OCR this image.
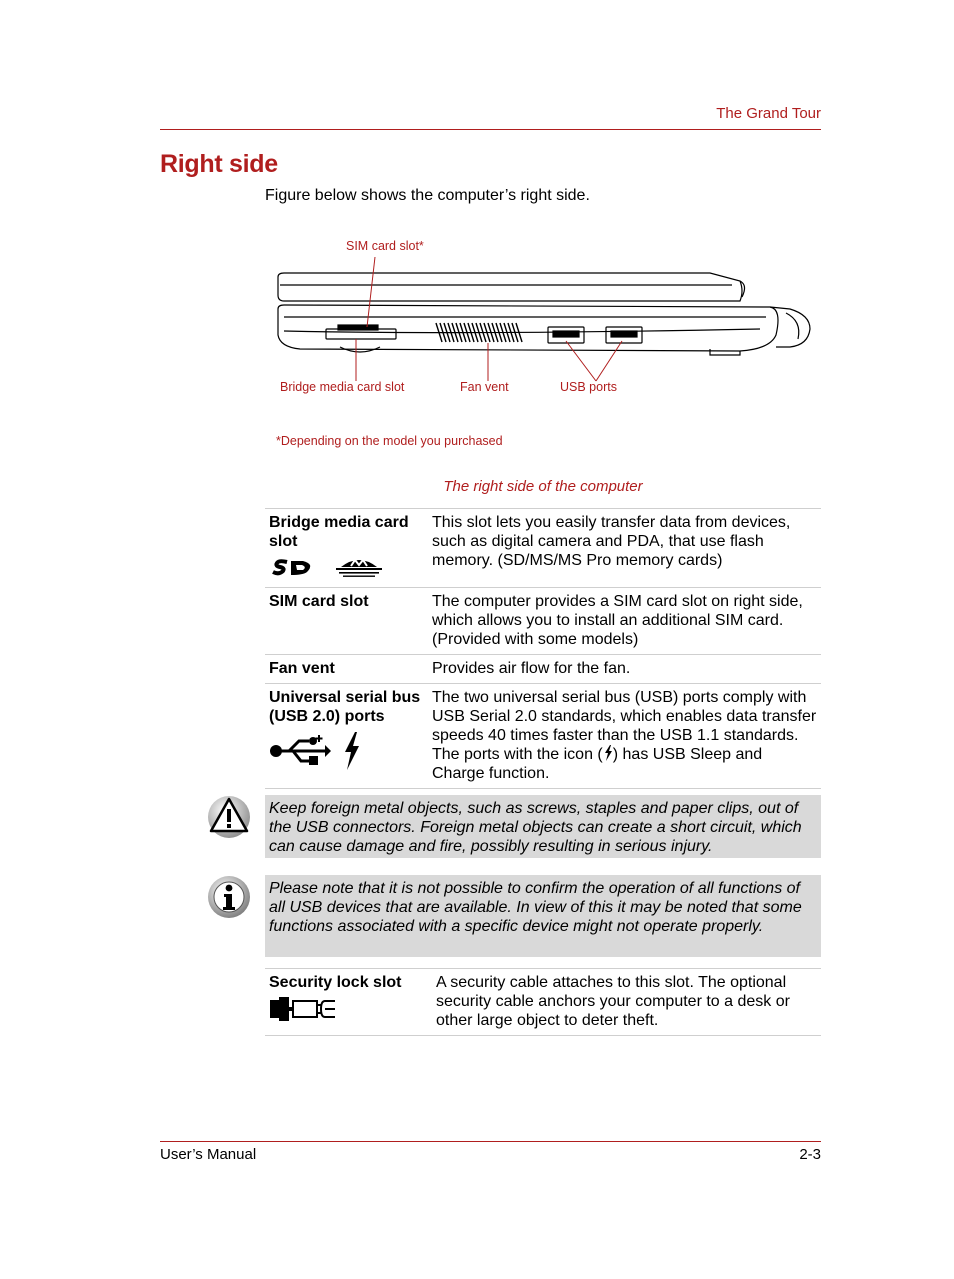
The Grand Tour
Right side
Figure below shows the computer’s right side.
SIM card slot*
Bridge media card slot	Fan vent	USB ports
*Depending on the model you purchased
The right side of the computer
Bridge media card slot	This slot lets you easily transfer data from devices, such as digital camera and PDA, that use flash memory. (SD/MS/MS Pro memory cards)
SIM card slot	The computer provides a SIM card slot on right side, which allows you to install an additional SIM card. (Provided with some models)
Fan vent	Provides air flow for the fan.

Universal serial bus (USB 2.0) ports	The two universal serial bus (USB) ports comply with USB Serial 2.0 standards, which enables data transfer speeds 40 times faster than the USB 1.1 standards. The ports with the icon ( ) has USB Sleep and Charge function.
Keep foreign metal objects, such as screws, staples and paper clips, out of the USB connectors. Foreign metal objects can create a short circuit, which can cause damage and fire, possibly resulting in serious injury.
Please note that it is not possible to confirm the operation of all functions of all USB devices that are available. In view of this it may be noted that some functions associated with a specific device might not operate properly.
Security lock slot	A security cable attaches to this slot. The optional security cable anchors your computer to a desk or other large object to deter theft.
User’s Manual	2-3
